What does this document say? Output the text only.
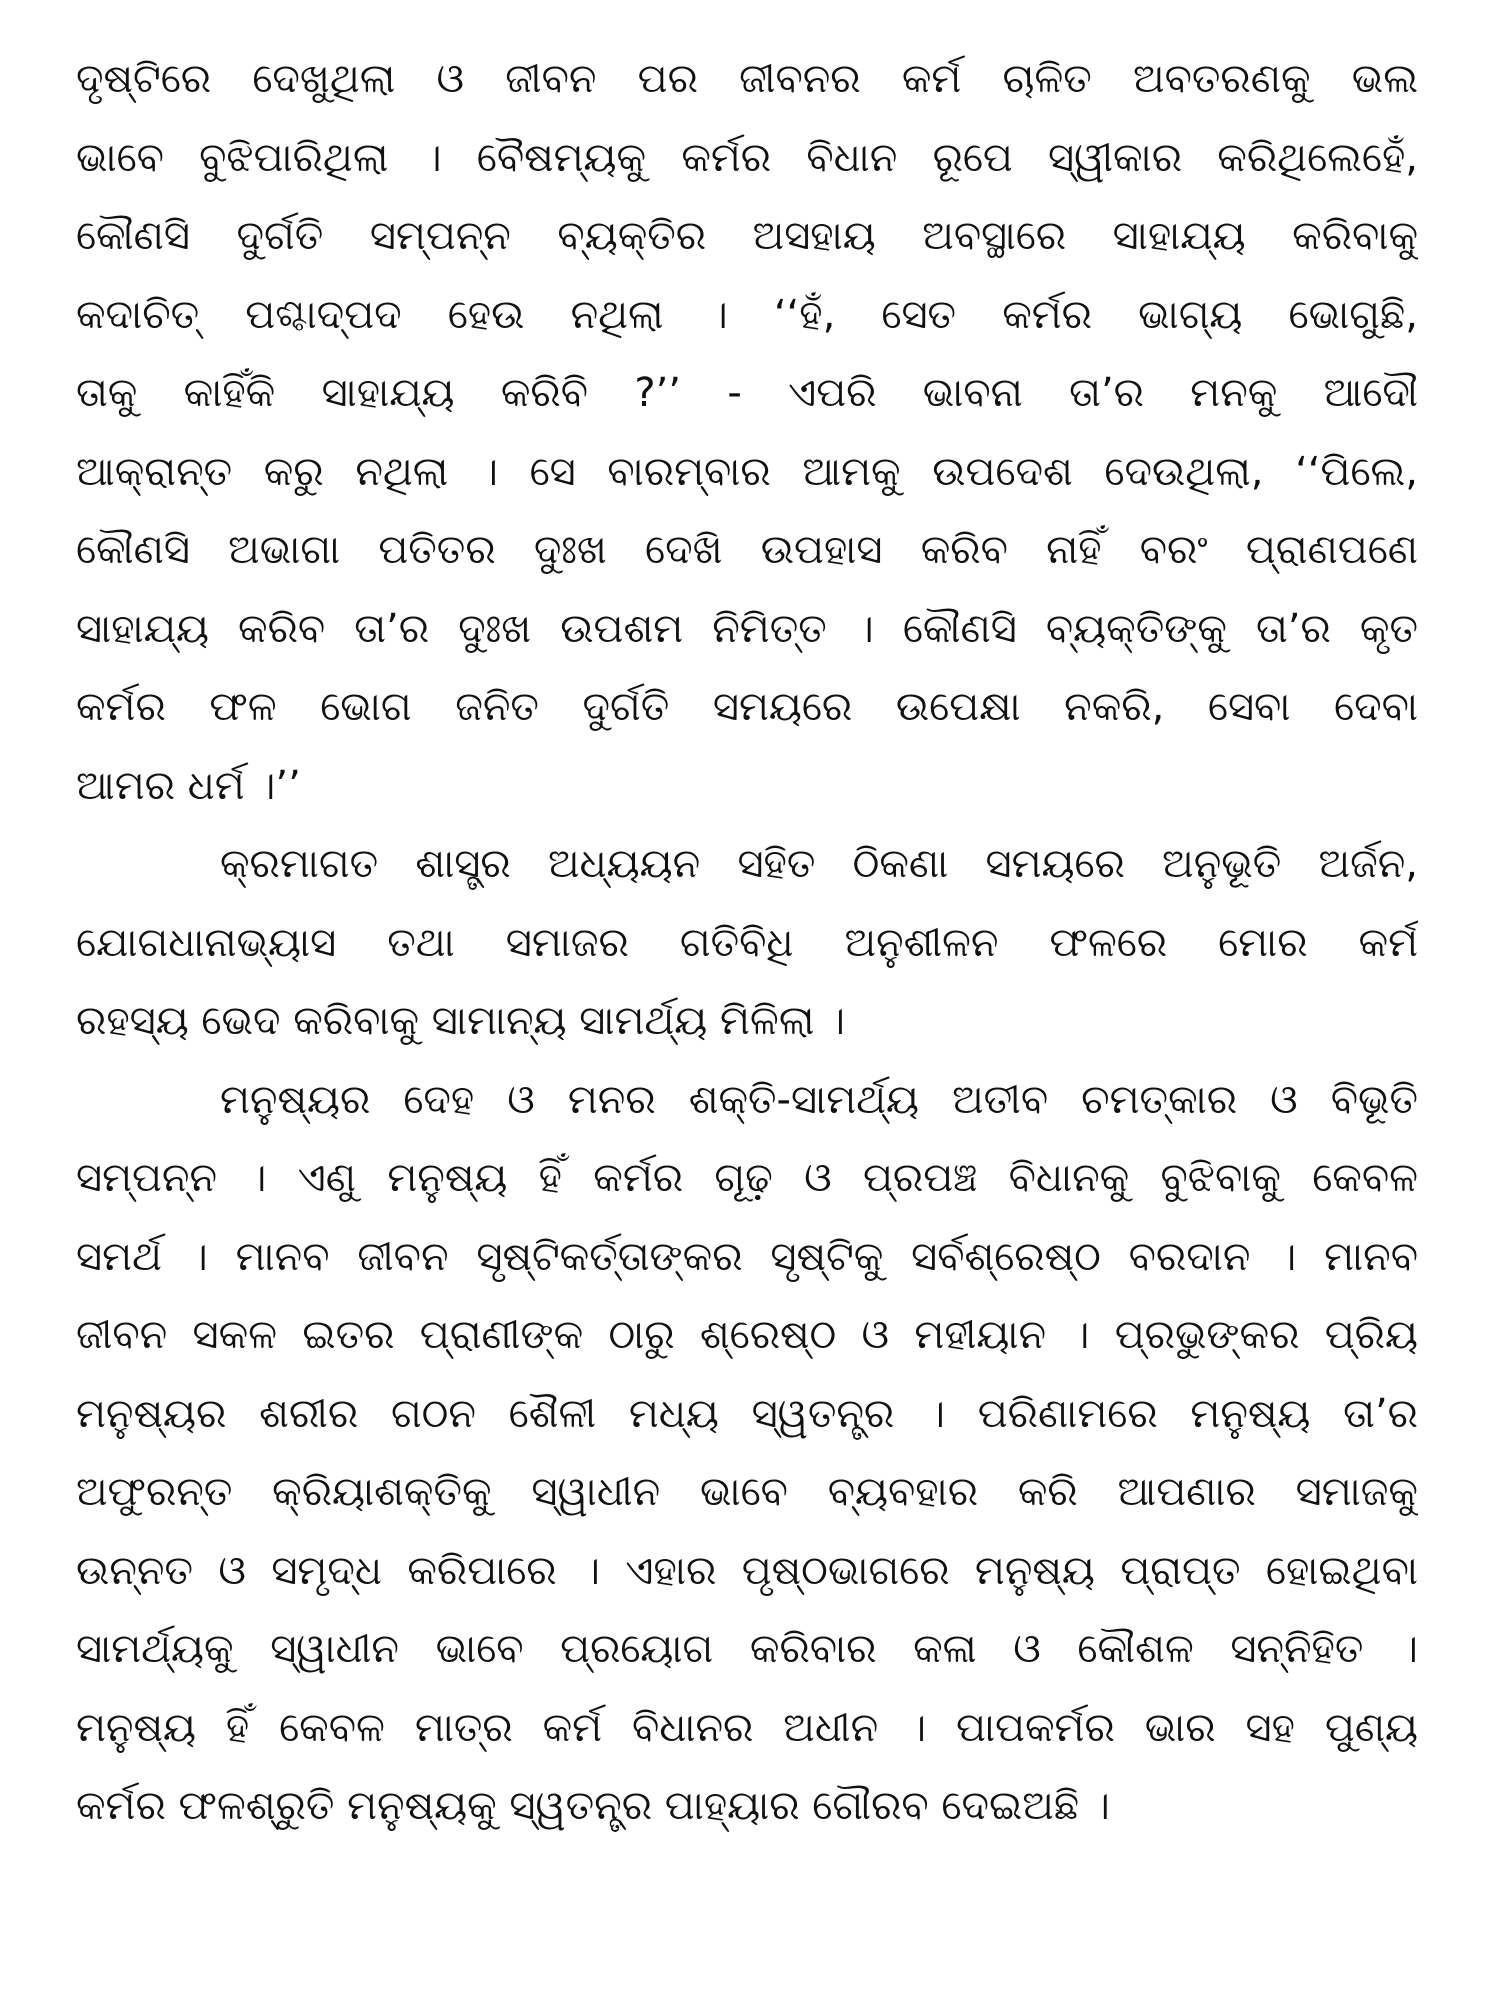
ଦୃଷ୍ଟିରେ ଦେଖୁଥିଲା ଓ ଜୀବନ ପର ଜୀବନର କର୍ମ ଚାଳିତ ଅବତରଣକୁ ଭଲ
ଭାବେ ବୁଝିପାରିଥିଲା । ବୈଷମ୍ୟକୁ କର୍ମର ବିଧାନ ରୂପେ ସ୍ୱୀକାର କରିଥିଲେହେଁ,
କୌଣସି ଦୁର୍ଗତି ସମ୍ପନ୍ନ ବ୍ୟକ୍ତିର ଅସହାୟ ଅବସ୍ଥାରେ ସାହାଯ୍ୟ କରିବାକୁ
କଦାଚିତ୍ ପଶ୍ଚାଦ୍‌ପଦ ହେଉ ନଥିଲା । ‘‘ହଁ, ସେତ କର୍ମର ଭାଗ୍ୟ ଭୋଗୁଛି,
ତାକୁ କାହିଁକି ସାହାଯ୍ୟ କରିବି ?’’ - ଏପରି ଭାବନା ତା’ର ମନକୁ ଆଦୌ
ଆକ୍ରାନ୍ତ କରୁ ନଥିଲା । ସେ ବାରମ୍ବାର ଆମକୁ ଉପଦେଶ ଦେଉଥିଲା, ‘‘ପିଲେ,
କୌଣସି ଅଭାଗା ପତିତର ଦୁଃଖ ଦେଖି ଉପହାସ କରିବ ନାହିଁ ବରଂ ପ୍ରାଣପଣେ
ସାହାଯ୍ୟ କରିବ ତା’ର ଦୁଃଖ ଉପଶମ ନିମିତ୍ତ । କୌଣସି ବ୍ୟକ୍ତିଙ୍କୁ ତା’ର କୃତ
କର୍ମର ଫଳ ଭୋଗ ଜନିତ ଦୁର୍ଗତି ସମୟରେ ଉପେକ୍ଷା ନକରି, ସେବା ଦେବା
ଆମର ଧର୍ମ ।’’
କ୍ରମାଗତ ଶାସ୍ତ୍ର ଅଧ୍ୟୟନ ସହିତ ଠିକଣା ସମୟରେ ଅନୁଭୂତି ଅର୍ଜନ,
ଯୋଗଧାନାଭ୍ୟାସ ତଥା ସମାଜର ଗତିବିଧି ଅନୁଶୀଳନ ଫଳରେ ମୋର କର୍ମ
ରହସ୍ୟ ଭେଦ କରିବାକୁ ସାମାନ୍ୟ ସାମର୍ଥ୍ୟ ମିଳିଲା ।
ମନୁଷ୍ୟର ଦେହ ଓ ମନର ଶକ୍ତି-ସାମର୍ଥ୍ୟ ଅତୀବ ଚମତ୍କାର ଓ ବିଭୂତି
ସମ୍ପନ୍ନ । ଏଣୁ ମନୁଷ୍ୟ ହିଁ କର୍ମର ଗୂଢ଼ ଓ ପ୍ରପଞ୍ଚ ବିଧାନକୁ ବୁଝିବାକୁ କେବଳ
ସମର୍ଥ । ମାନବ ଜୀବନ ସୃଷ୍ଟିକର୍ତ୍ତାଙ୍କର ସୃଷ୍ଟିକୁ ସର୍ବଶ୍ରେଷ୍ଠ ବରଦାନ । ମାନବ
ଜୀବନ ସକଳ ଇତର ପ୍ରାଣୀଙ୍କ ଠାରୁ ଶ୍ରେଷ୍ଠ ଓ ମହୀୟାନ । ପ୍ରଭୁଙ୍କର ପ୍ରିୟ
ମନୁଷ୍ୟର ଶରୀର ଗଠନ ଶୈଳୀ ମଧ୍ୟ ସ୍ୱତନ୍ତ୍ର । ପରିଣାମରେ ମନୁଷ୍ୟ ତା’ର
ଅଫୁରନ୍ତ କ୍ରିୟାଶକ୍ତିକୁ ସ୍ୱାଧୀନ ଭାବେ ବ୍ୟବହାର କରି ଆପଣାର ସମାଜକୁ
ଉନ୍ନତ ଓ ସମୃଦ୍ଧ କରିପାରେ । ଏହାର ପୃଷ୍ଠଭାଗରେ ମନୁଷ୍ୟ ପ୍ରାପ୍ତ ହୋଇଥିବା
ସାମର୍ଥ୍ୟକୁ ସ୍ୱାଧୀନ ଭାବେ ପ୍ରୟୋଗ କରିବାର କଳା ଓ କୌଶଳ ସନ୍ନିହିତ ।
ମନୁଷ୍ୟ ହିଁ କେବଳ ମାତ୍ର କର୍ମ ବିଧାନର ଅଧୀନ । ପାପକର୍ମର ଭାର ସହ ପୁଣ୍ୟ
କର୍ମର ଫଳଶ୍ରୁତି ମନୁଷ୍ୟକୁ ସ୍ୱତନ୍ତ୍ର ପାହ୍ୟାର ଗୌରବ ଦେଇଅଛି ।
